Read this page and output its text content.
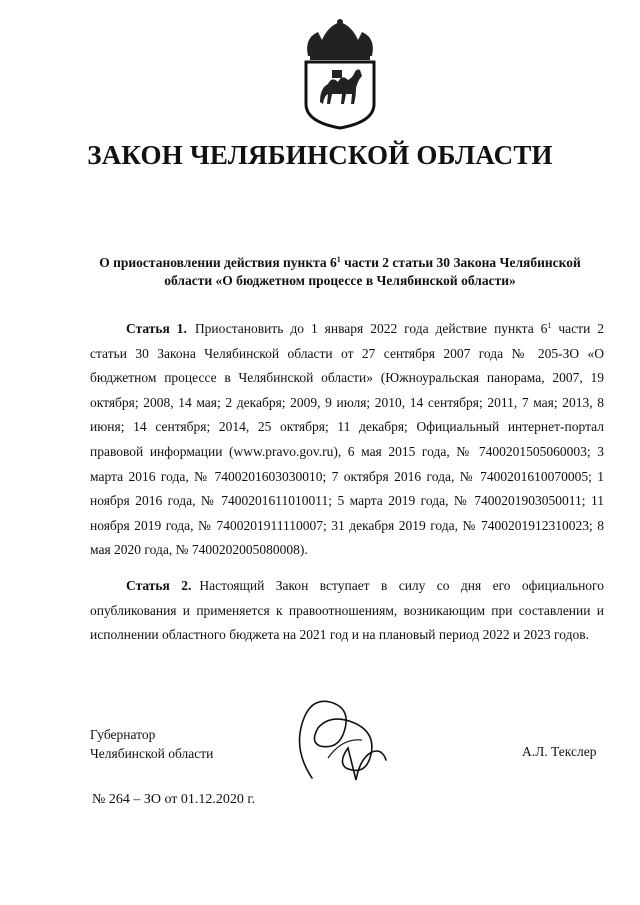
ЗАКОН ЧЕЛЯБИНСКОЙ ОБЛАСТИ
О приостановлении действия пункта $6^1$ части 2 статьи 30 Закона Челябинской
области «О бюджетном процессе в Челябинской области»
Статья 1. Приостановить до 1 января 2022 года действие пункта $6^1$ части 2 статьи 30 Закона Челябинской области от 27 сентября 2007 года № 205-ЗО «О бюджетном процессе в Челябинской области» (Южноуральская панорама, 2007, 19 октября; 2008, 14 мая; 2 декабря; 2009, 9 июля; 2010, 14 сентября; 2011, 7 мая; 2013, 8 июня; 14 сентября; 2014, 25 октября; 11 декабря; Официальный интернет-портал правовой информации (www.pravo.gov.ru), 6 мая 2015 года, № 7400201505060003; 3 марта 2016 года, № 7400201603030010; 7 октября 2016 года, № 7400201610070005; 1 ноября 2016 года, № 7400201611010011; 5 марта 2019 года, № 7400201903050011; 11 ноября 2019 года, № 7400201911110007; 31 декабря 2019 года, № 7400201912310023; 8 мая 2020 года, № 7400202005080008).
Статья 2. Настоящий Закон вступает в силу со дня его официального опубликования и применяется к правоотношениям, возникающим при составлении и исполнении областного бюджета на 2021 год и на плановый период 2022 и 2023 годов.
Губернатор
Челябинской области	А.Л. Текслер
№ 264 – ЗО от 01.12.2020 г.
